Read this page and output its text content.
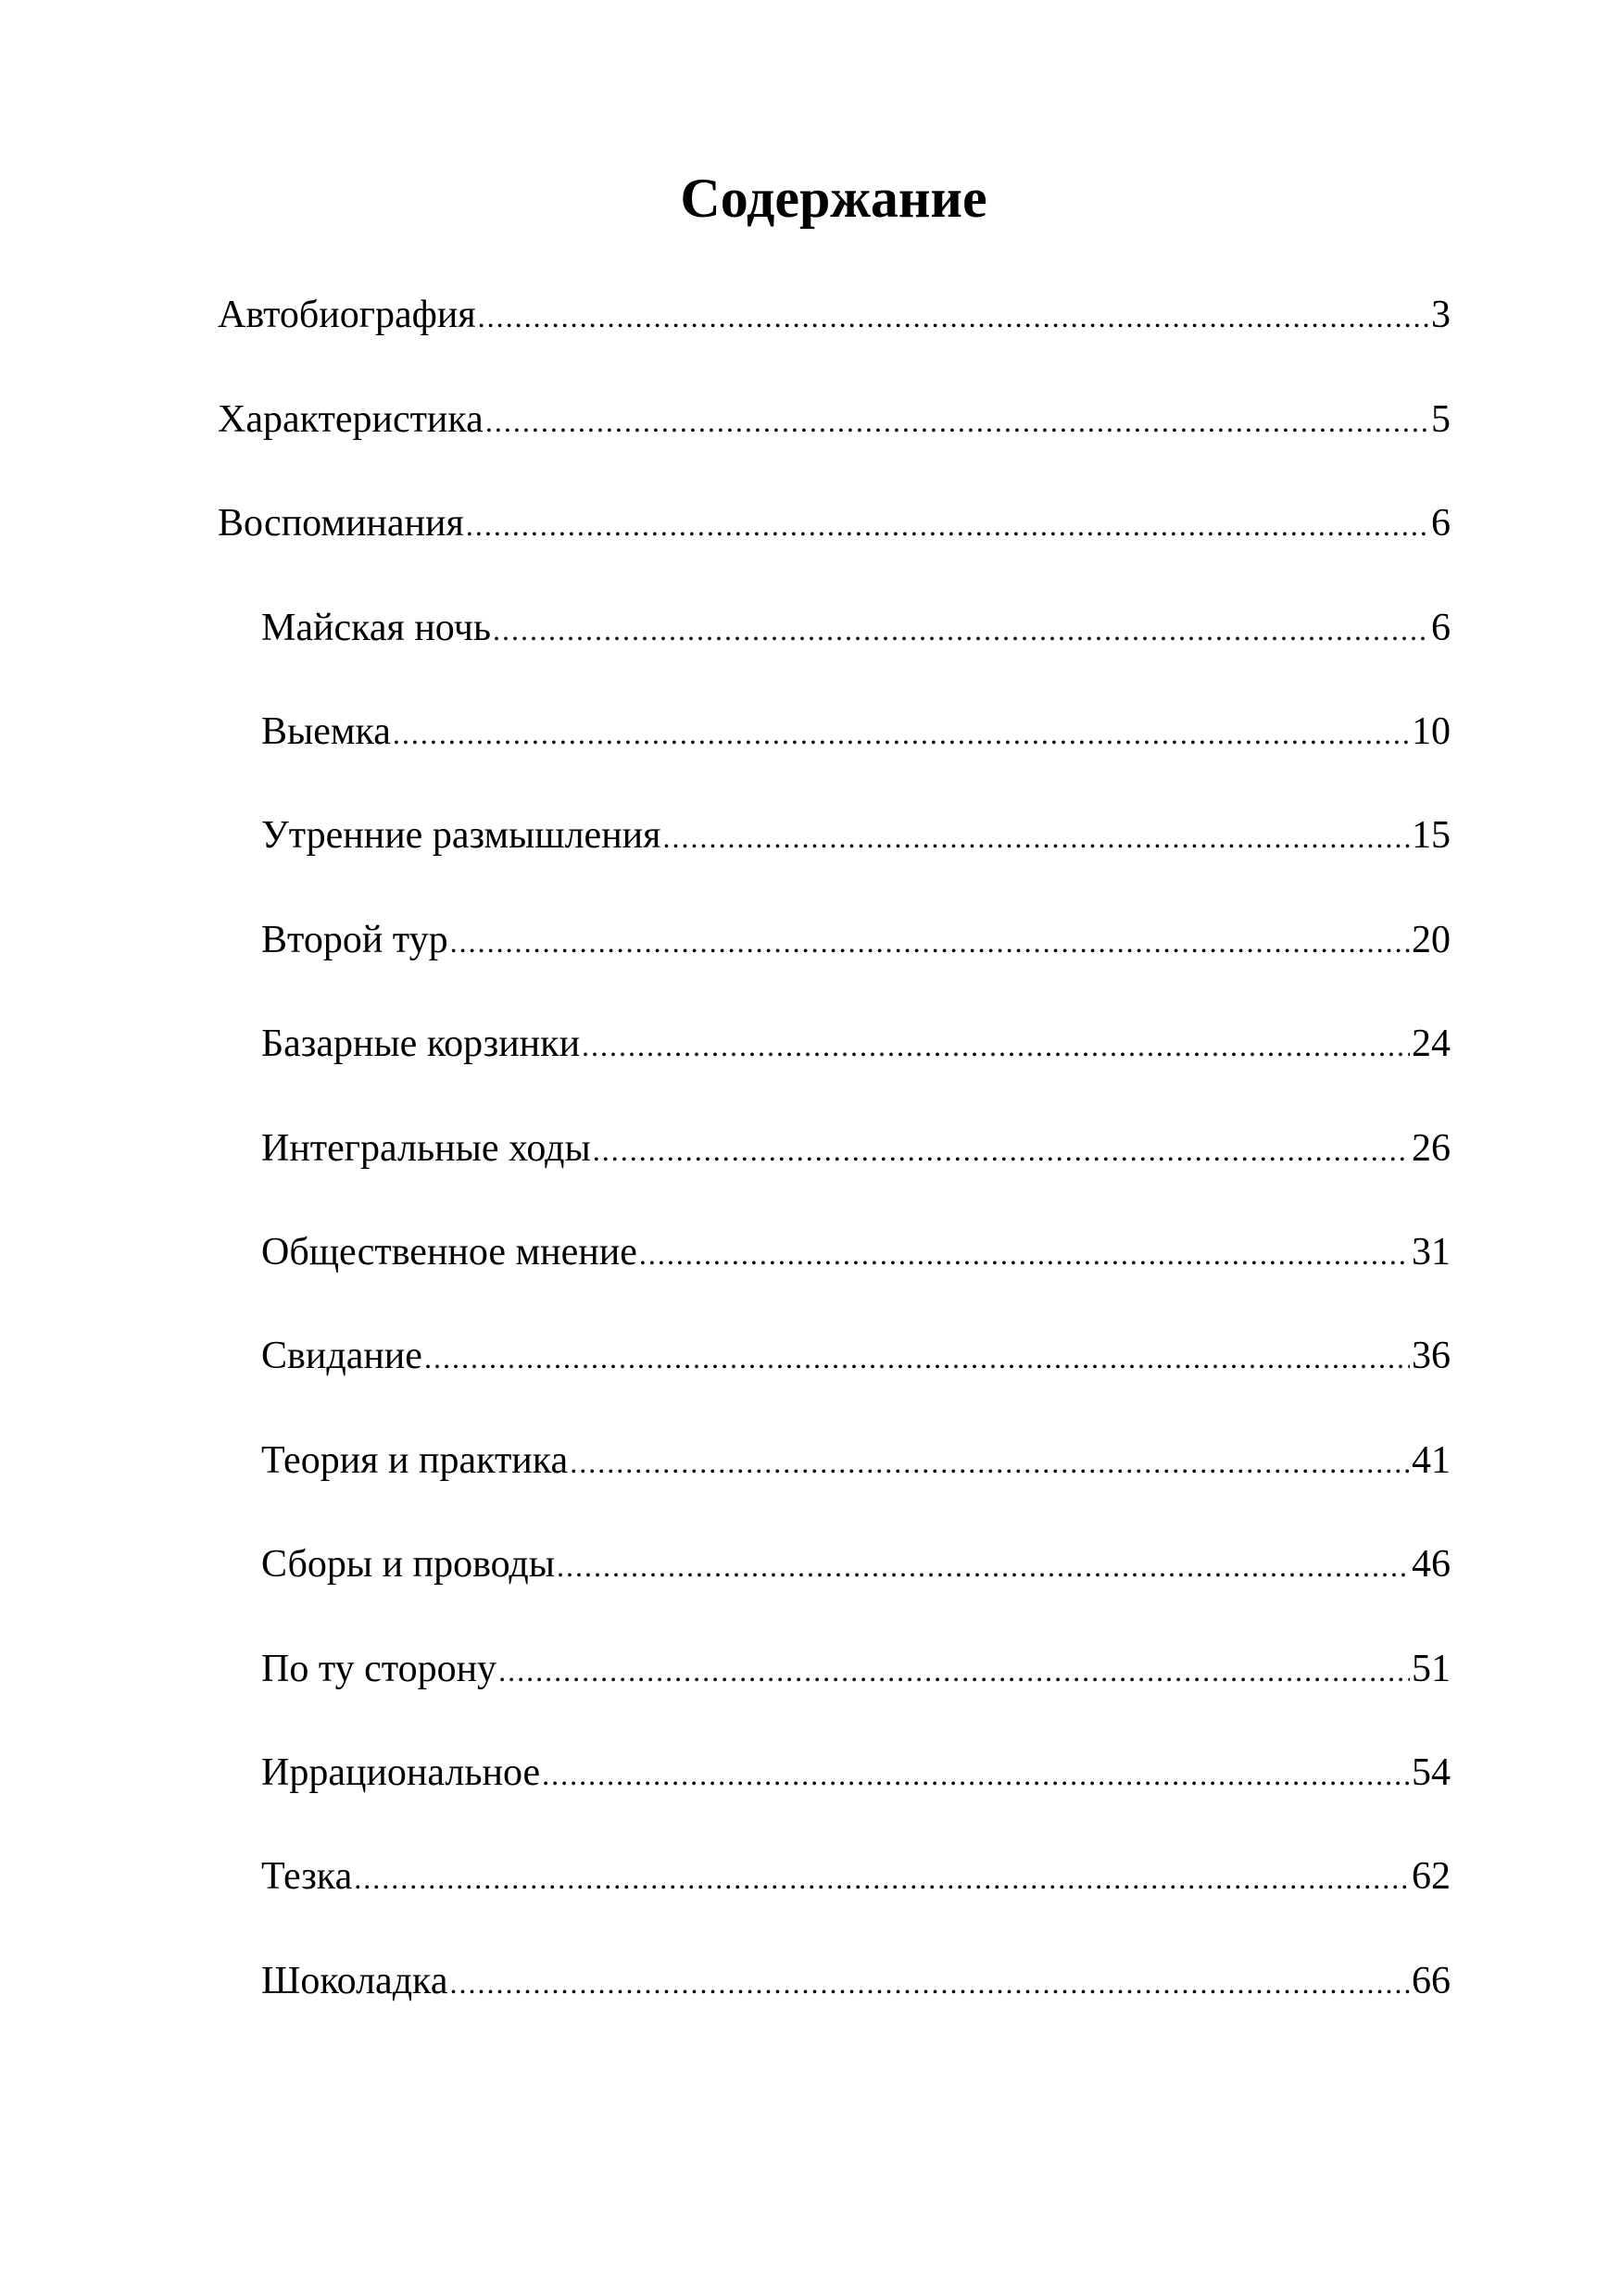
Содержание
Автобиография .....	3
Характеристика .....	5
Воспоминания .....	6
Майская ночь .....	6
Выемка .....	10
Утренние размышления .....	15
Второй тур .....	20
Базарные корзинки .....	24
Интегральные ходы .....	26
Общественное мнение .....	31
Свидание .....	36
Теория и практика .....	41
Сборы и проводы .....	46
По ту сторону .....	51
Иррациональное .....	54
Тезка .....	62
Шоколадка .....	66
